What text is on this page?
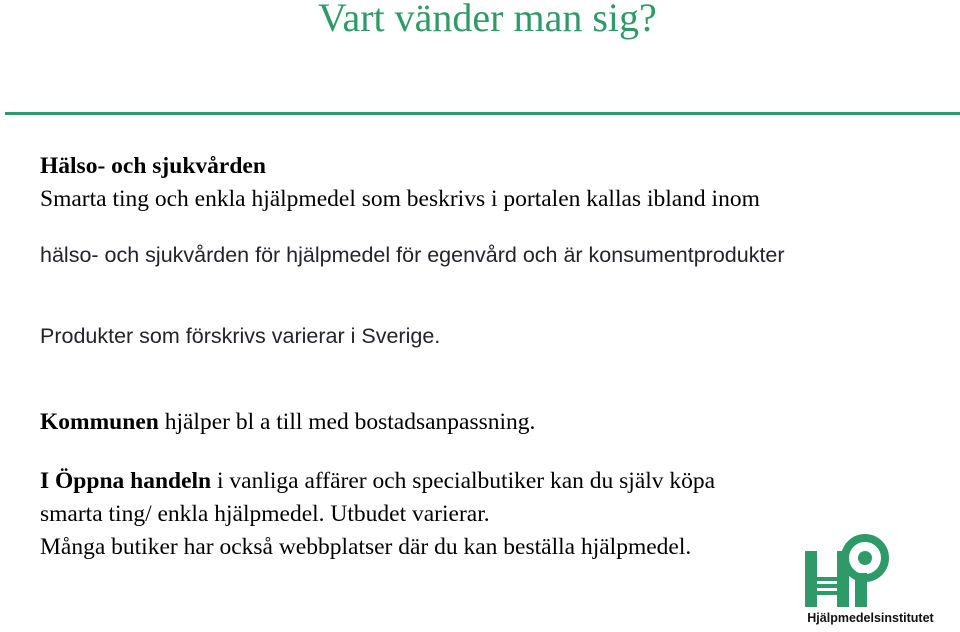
Vart vänder man sig?

Hälso- och sjukvården

Smarta ting och enkla hjälpmedel som beskrivs i portalen kallas ibland inom

hälso- och sjukvården för hjälpmedel för egenvård och är konsumentprodukter

Produkter som förskrivs varierar i Sverige.

Kommunen hjälper bl a till med bostadsanpassning.

I Öppna handeln i vanliga affärer och specialbutiker kan du själv köpa

smarta ting/ enkla hjälpmedel. Utbudet varierar.

Många butiker har också webbplatser där du kan beställa hjälpmedel.

Hjälpmedelsinstitutet
